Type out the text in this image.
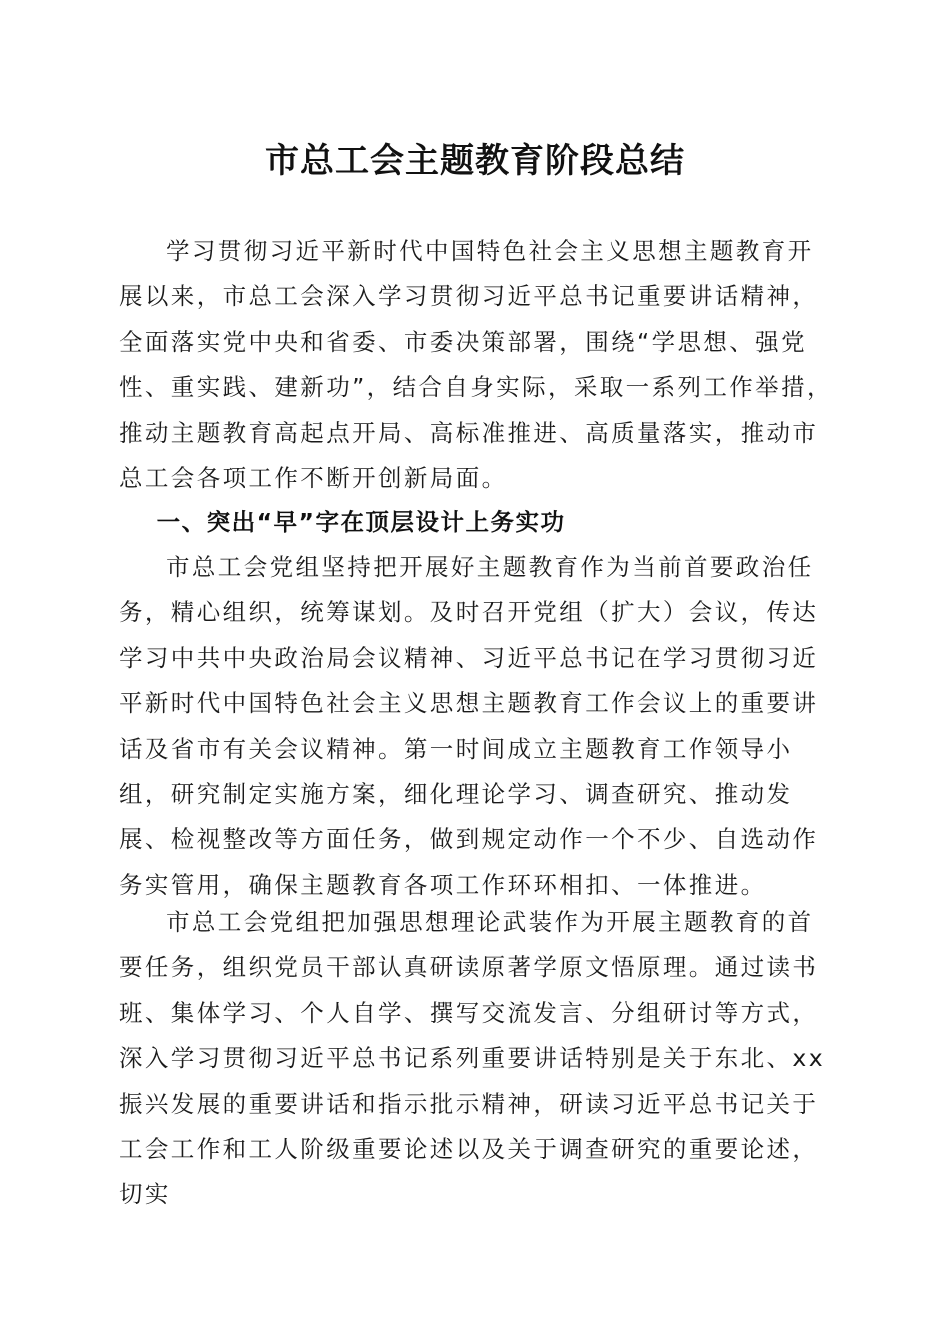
市总工会主题教育阶段总结

学习贯彻习近平新时代中国特色社会主义思想主题教育开展以来，市总工会深入学习贯彻习近平总书记重要讲话精神，全面落实党中央和省委、市委决策部署，围绕“学思想、强党性、重实践、建新功”，结合自身实际，采取一系列工作举措，推动主题教育高起点开局、高标准推进、高质量落实，推动市总工会各项工作不断开创新局面。

一、突出“早”字在顶层设计上务实功

市总工会党组坚持把开展好主题教育作为当前首要政治任务，精心组织，统筹谋划。及时召开党组（扩大）会议，传达学习中共中央政治局会议精神、习近平总书记在学习贯彻习近平新时代中国特色社会主义思想主题教育工作会议上的重要讲话及省市有关会议精神。第一时间成立主题教育工作领导小组，研究制定实施方案，细化理论学习、调查研究、推动发展、检视整改等方面任务，做到规定动作一个不少、自选动作务实管用，确保主题教育各项工作环环相扣、一体推进。

市总工会党组把加强思想理论武装作为开展主题教育的首要任务，组织党员干部认真研读原著学原文悟原理。通过读书班、集体学习、个人自学、撰写交流发言、分组研讨等方式，深入学习贯彻习近平总书记系列重要讲话特别是关于东北、xx振兴发展的重要讲话和指示批示精神，研读习近平总书记关于工会工作和工人阶级重要论述以及关于调查研究的重要论述，切实
